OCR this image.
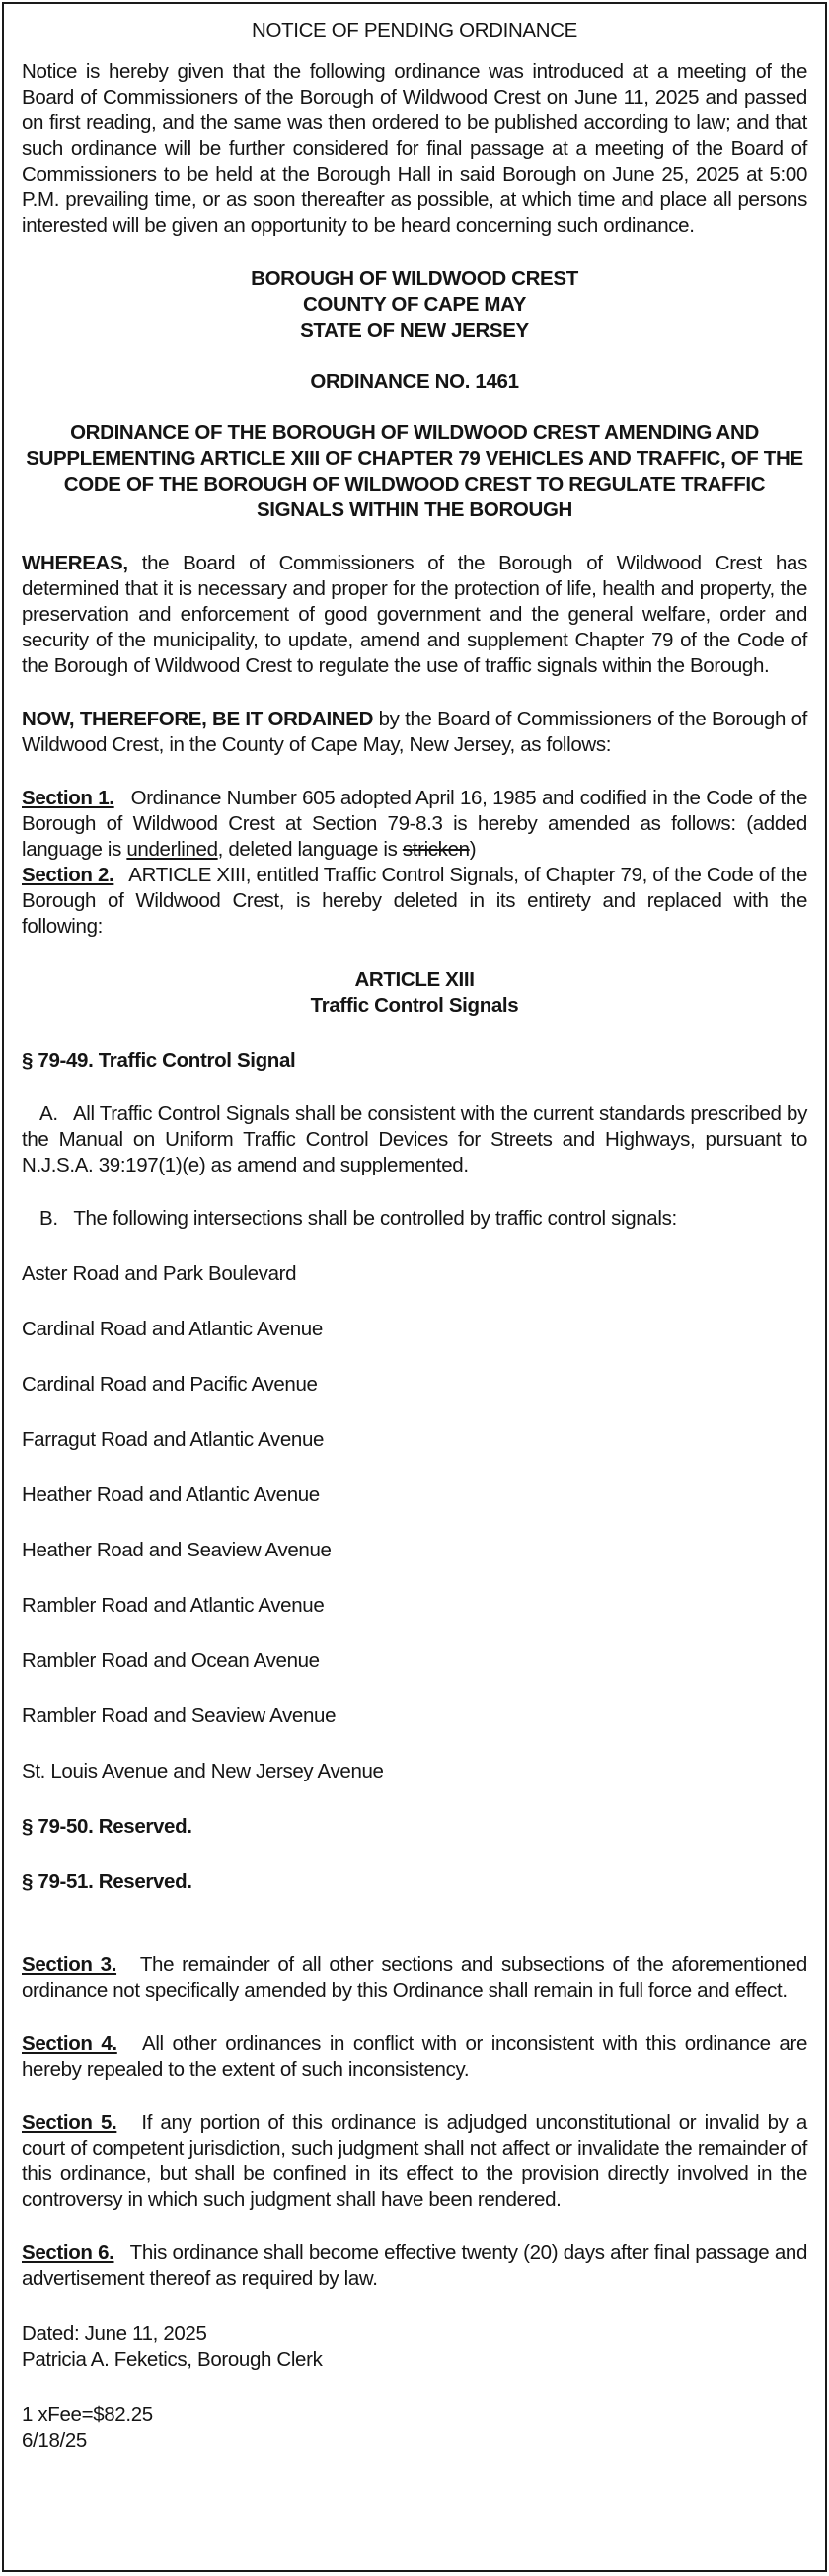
NOTICE OF PENDING ORDINANCE

Notice is hereby given that the following ordinance was introduced at a meeting of the Board of Commissioners of the Borough of Wildwood Crest on June 11, 2025 and passed on first reading, and the same was then ordered to be published according to law; and that such ordinance will be further considered for final passage at a meeting of the Board of Commissioners to be held at the Borough Hall in said Borough on June 25, 2025 at 5:00 P.M. prevailing time, or as soon thereafter as possible, at which time and place all persons interested will be given an opportunity to be heard concerning such ordinance.

BOROUGH OF WILDWOOD CREST
COUNTY OF CAPE MAY
STATE OF NEW JERSEY

ORDINANCE NO. 1461

ORDINANCE OF THE BOROUGH OF WILDWOOD CREST AMENDING AND SUPPLEMENTING ARTICLE XIII OF CHAPTER 79 VEHICLES AND TRAFFIC, OF THE CODE OF THE BOROUGH OF WILDWOOD CREST TO REGULATE TRAFFIC SIGNALS WITHIN THE BOROUGH

WHEREAS, the Board of Commissioners of the Borough of Wildwood Crest has determined that it is necessary and proper for the protection of life, health and property, the preservation and enforcement of good government and the general welfare, order and security of the municipality, to update, amend and supplement Chapter 79 of the Code of the Borough of Wildwood Crest to regulate the use of traffic signals within the Borough.

NOW, THEREFORE, BE IT ORDAINED by the Board of Commissioners of the Borough of Wildwood Crest, in the County of Cape May, New Jersey, as follows:

Section 1. Ordinance Number 605 adopted April 16, 1985 and codified in the Code of the Borough of Wildwood Crest at Section 79-8.3 is hereby amended as follows: (added language is underlined, deleted language is stricken)

Section 2. ARTICLE XIII, entitled Traffic Control Signals, of Chapter 79, of the Code of the Borough of Wildwood Crest, is hereby deleted in its entirety and replaced with the following:

ARTICLE XIII
Traffic Control Signals

§ 79-49. Traffic Control Signal

A.   All Traffic Control Signals shall be consistent with the current standards prescribed by the Manual on Uniform Traffic Control Devices for Streets and Highways, pursuant to N.J.S.A. 39:197(1)(e) as amend and supplemented.

B.   The following intersections shall be controlled by traffic control signals:

Aster Road and Park Boulevard
Cardinal Road and Atlantic Avenue
Cardinal Road and Pacific Avenue
Farragut Road and Atlantic Avenue
Heather Road and Atlantic Avenue
Heather Road and Seaview Avenue
Rambler Road and Atlantic Avenue
Rambler Road and Ocean Avenue
Rambler Road and Seaview Avenue
St. Louis Avenue and New Jersey Avenue

§ 79-50. Reserved.

§ 79-51. Reserved.

Section 3. The remainder of all other sections and subsections of the aforementioned ordinance not specifically amended by this Ordinance shall remain in full force and effect.

Section 4. All other ordinances in conflict with or inconsistent with this ordinance are hereby repealed to the extent of such inconsistency.

Section 5. If any portion of this ordinance is adjudged unconstitutional or invalid by a court of competent jurisdiction, such judgment shall not affect or invalidate the remainder of this ordinance, but shall be confined in its effect to the provision directly involved in the controversy in which such judgment shall have been rendered.

Section 6. This ordinance shall become effective twenty (20) days after final passage and advertisement thereof as required by law.

Dated: June 11, 2025
Patricia A. Feketics, Borough Clerk
1 xFee=$82.25
6/18/25
